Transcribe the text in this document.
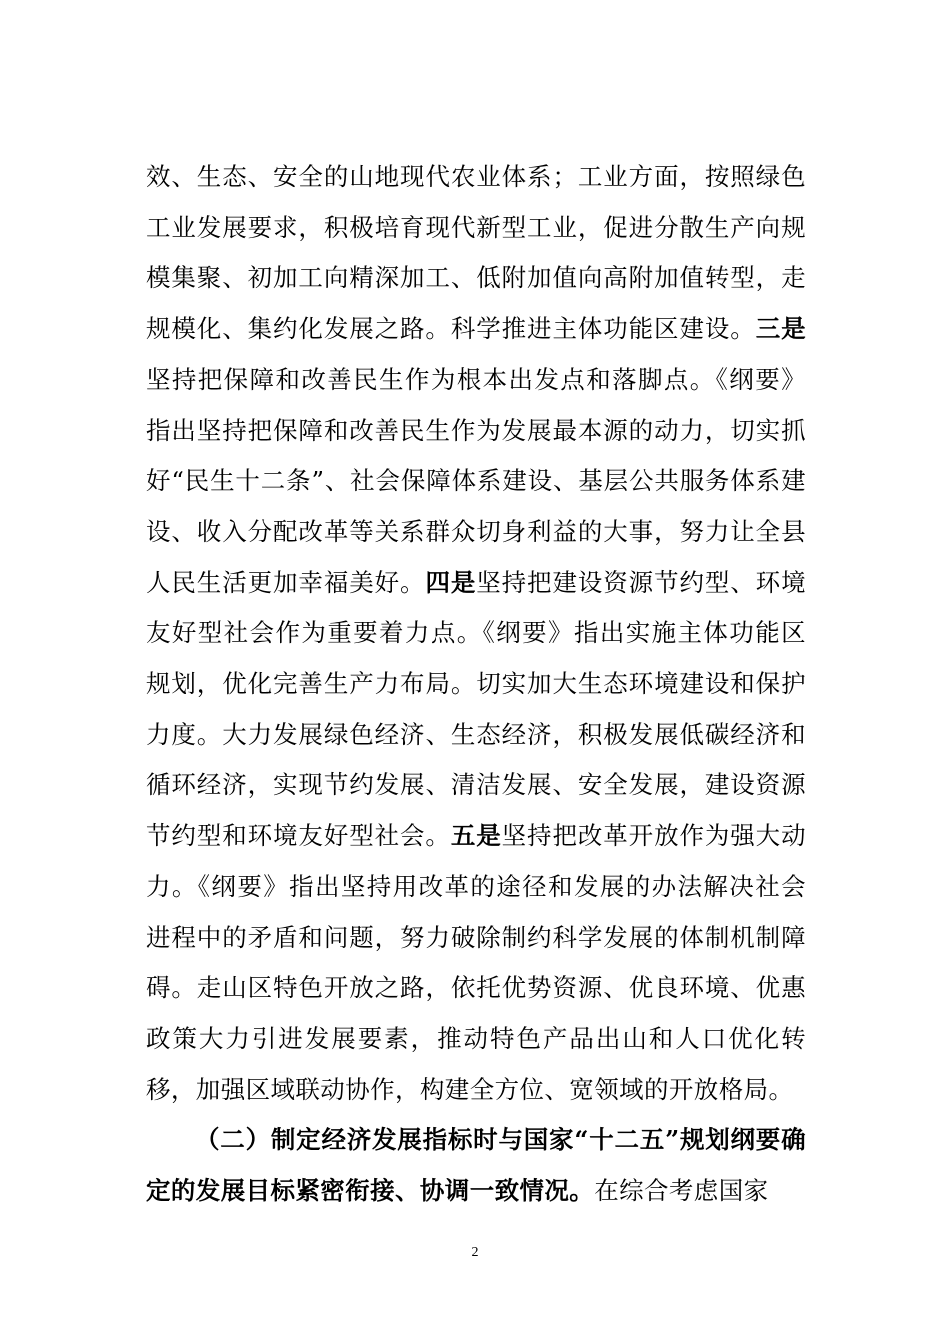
效、生态、安全的山地现代农业体系；工业方面，按照绿色工业发展要求，积极培育现代新型工业，促进分散生产向规模集聚、初加工向精深加工、低附加值向高附加值转型，走规模化、集约化发展之路。科学推进主体功能区建设。三是坚持把保障和改善民生作为根本出发点和落脚点。《纲要》指出坚持把保障和改善民生作为发展最本源的动力，切实抓好“民生十二条”、社会保障体系建设、基层公共服务体系建设、收入分配改革等关系群众切身利益的大事，努力让全县人民生活更加幸福美好。四是坚持把建设资源节约型、环境友好型社会作为重要着力点。《纲要》指出实施主体功能区规划，优化完善生产力布局。切实加大生态环境建设和保护力度。大力发展绿色经济、生态经济，积极发展低碳经济和循环经济，实现节约发展、清洁发展、安全发展，建设资源节约型和环境友好型社会。五是坚持把改革开放作为强大动力。《纲要》指出坚持用改革的途径和发展的办法解决社会进程中的矛盾和问题，努力破除制约科学发展的体制机制障碍。走山区特色开放之路，依托优势资源、优良环境、优惠政策大力引进发展要素，推动特色产品出山和人口优化转移，加强区域联动协作，构建全方位、宽领域的开放格局。

（二）制定经济发展指标时与国家“十二五”规划纲要确定的发展目标紧密衔接、协调一致情况。在综合考虑国家

2
